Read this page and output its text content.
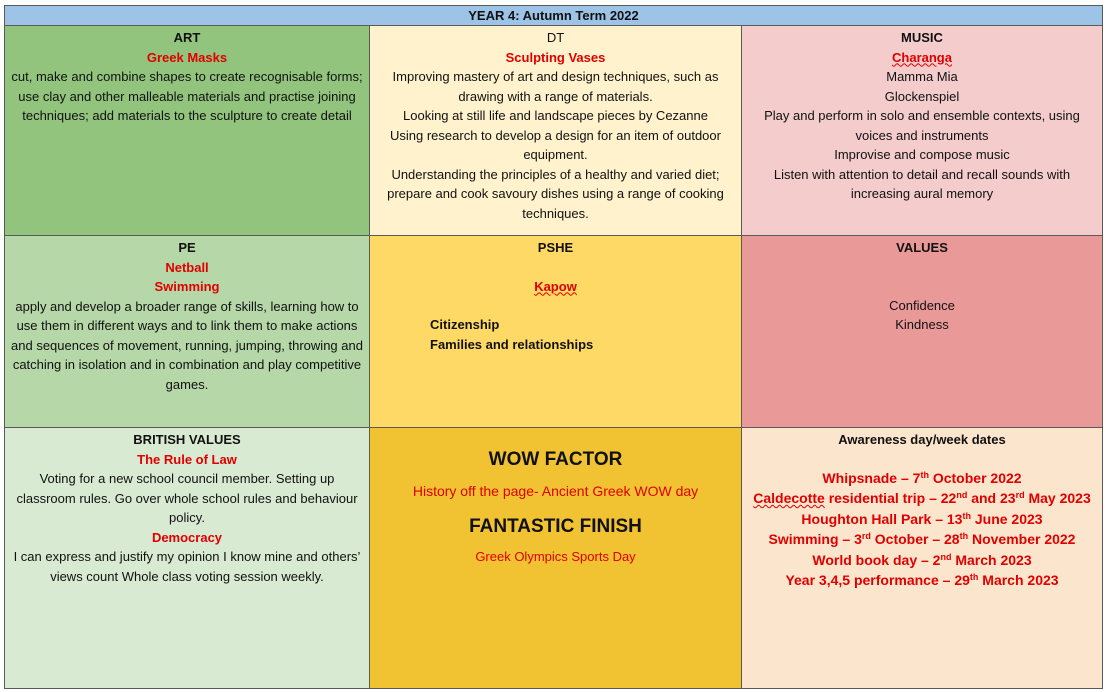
YEAR 4: Autumn Term 2022
ART
Greek Masks
cut, make and combine shapes to create recognisable forms; use clay and other malleable materials and practise joining techniques; add materials to the sculpture to create detail
DT
Sculpting Vases
Improving mastery of art and design techniques, such as drawing with a range of materials.
Looking at still life and landscape pieces by Cezanne
Using research to develop a design for an item of outdoor equipment.
Understanding the principles of a healthy and varied diet; prepare and cook savoury dishes using a range of cooking techniques.
MUSIC
Charanga
Mamma Mia
Glockenspiel
Play and perform in solo and ensemble contexts, using voices and instruments
Improvise and compose music
Listen with attention to detail and recall sounds with increasing aural memory
PE
Netball
Swimming
apply and develop a broader range of skills, learning how to use them in different ways and to link them to make actions and sequences of movement, running, jumping, throwing and catching in isolation and in combination and play competitive games.
PSHE
Kapow
Citizenship
Families and relationships
VALUES
Confidence
Kindness
BRITISH VALUES
The Rule of Law
Voting for a new school council member. Setting up classroom rules. Go over whole school rules and behaviour policy.
Democracy
I can express and justify my opinion I know mine and others’ views count Whole class voting session weekly.
WOW FACTOR
History off the page- Ancient Greek WOW day
FANTASTIC FINISH
Greek Olympics Sports Day
Awareness day/week dates
Whipsnade – 7th October 2022
Caldecotte residential trip – 22nd and 23rd May 2023
Houghton Hall Park – 13th June 2023
Swimming – 3rd October – 28th November 2022
World book day – 2nd March 2023
Year 3,4,5 performance – 29th March 2023
